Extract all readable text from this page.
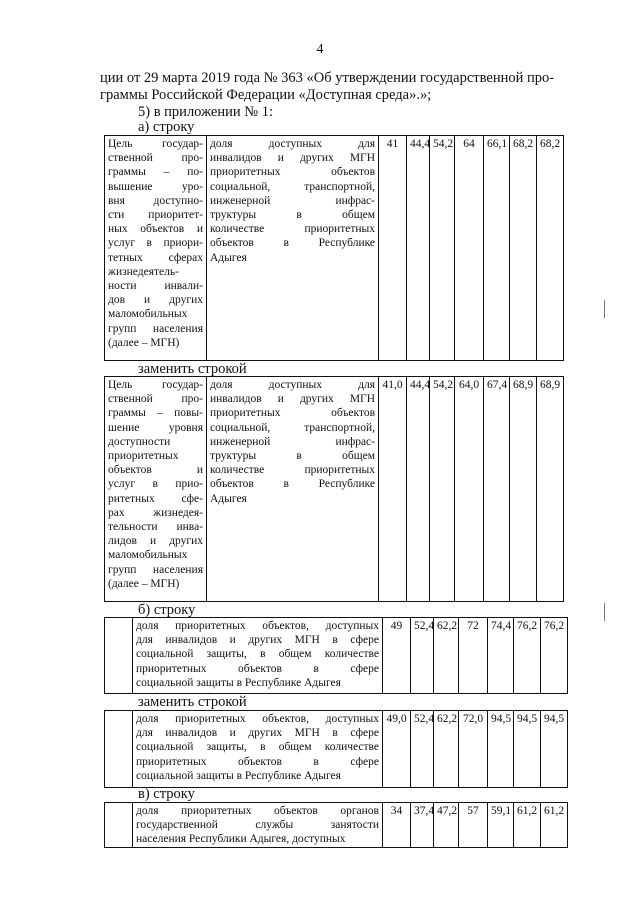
4
ции от 29 марта 2019 года № 363 «Об утверждении государственной про-
граммы Российской Федерации «Доступная среда».»;
5) в приложении № 1:
а) строку
Цель государ-
ственной про-
граммы – по-
вышение уро-
вня доступно-
сти приоритет-
ных объектов и
услуг в приори-
тетных сферах
жизнедеятель-
ности инвали-
дов и других
маломобильных
групп населения
(далее – МГН)

доля доступных для
инвалидов и других МГН
приоритетных объектов
социальной, транспортной,
инженерной инфрас-
труктуры в общем
количестве приоритетных
объектов в Республике
Адыгея
	41	44,4	54,2	64	66,1	68,2	68,2
заменить строкой
Цель государ-
ственной про-
граммы – повы-
шение уровня
доступности
приоритетных
объектов и
услуг в прио-
ритетных сфе-
рах жизнедея-
тельности инва-
лидов и других
маломобильных
групп населения
(далее – МГН)

доля доступных для
инвалидов и других МГН
приоритетных объектов
социальной, транспортной,
инженерной инфрас-
труктуры в общем
количестве приоритетных
объектов в Республике
Адыгея
	41,0	44,4	54,2	64,0	67,4	68,9	68,9
б) строку

доля приоритетных объектов, доступных
для инвалидов и других МГН в сфере
социальной защиты, в общем количестве
приоритетных объектов в сфере
социальной защиты в Республике Адыгея
	49	52,4	62,2	72	74,4	76,2	76,2
заменить строкой

доля приоритетных объектов, доступных
для инвалидов и других МГН в сфере
социальной защиты, в общем количестве
приоритетных объектов в сфере
социальной защиты в Республике Адыгея
	49,0	52,4	62,2	72,0	94,5	94,5	94,5
в) строку

доля приоритетных объектов органов
государственной службы занятости
населения Республики Адыгея, доступных
	34	37,4	47,2	57	59,1	61,2	61,2
